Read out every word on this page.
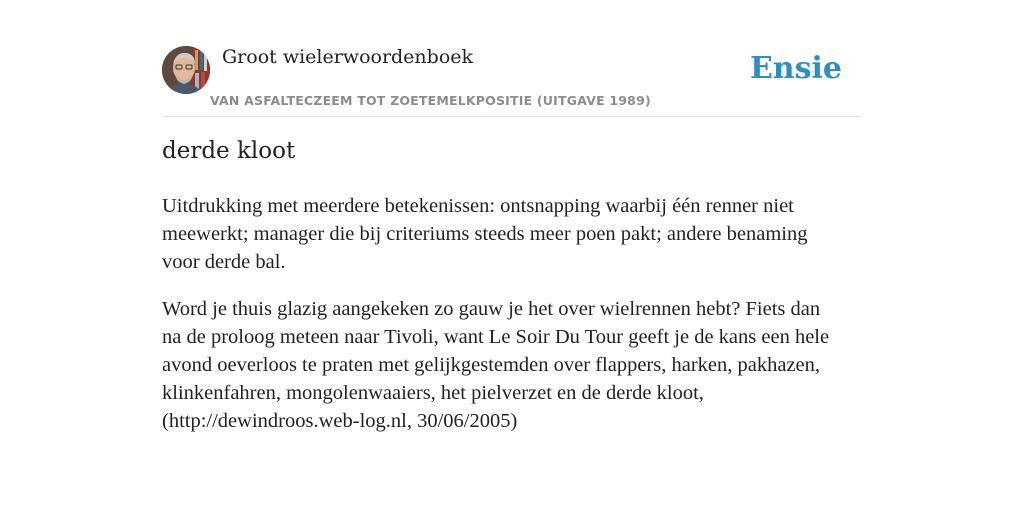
Groot wielerwoordenboek
VAN ASFALTECZEEM TOT ZOETEMELKPOSITIE (UITGAVE 1989)
Ensie
derde kloot

Uitdrukking met meerdere betekenissen: ontsnapping waarbij één renner niet
meewerkt; manager die bij criteriums steeds meer poen pakt; andere benaming
voor derde bal.

Word je thuis glazig aangekeken zo gauw je het over wielrennen hebt? Fiets dan
na de proloog meteen naar Tivoli, want Le Soir Du Tour geeft je de kans een hele
avond oeverloos te praten met gelijkgestemden over flappers, harken, pakhazen,
klinkenfahren, mongolenwaaiers, het pielverzet en de derde kloot,
(http://dewindroos.web-log.nl, 30/06/2005)
